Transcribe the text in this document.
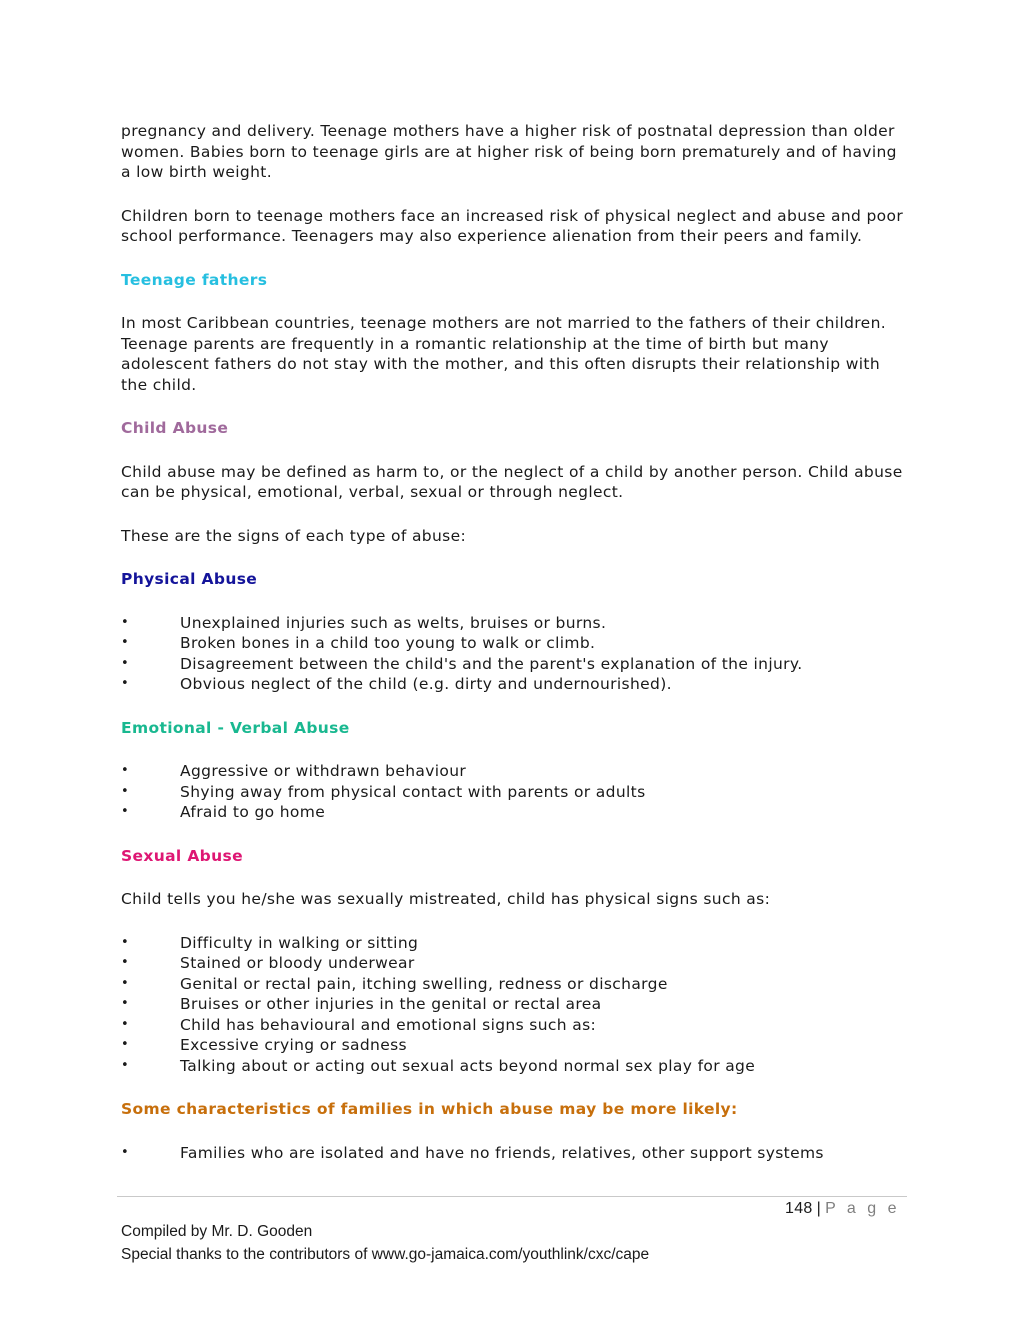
pregnancy and delivery. Teenage mothers have a higher risk of postnatal depression than older women. Babies born to teenage girls are at higher risk of being born prematurely and of having a low birth weight.

Children born to teenage mothers face an increased risk of physical neglect and abuse and poor school performance. Teenagers may also experience alienation from their peers and family.

Teenage fathers

In most Caribbean countries, teenage mothers are not married to the fathers of their children. Teenage parents are frequently in a romantic relationship at the time of birth but many adolescent fathers do not stay with the mother, and this often disrupts their relationship with the child.

Child Abuse

Child abuse may be defined as harm to, or the neglect of a child by another person. Child abuse can be physical, emotional, verbal, sexual or through neglect.

These are the signs of each type of abuse:

Physical Abuse
•	Unexplained injuries such as welts, bruises or burns.
•	Broken bones in a child too young to walk or climb.
•	Disagreement between the child's and the parent's explanation of the injury.
•	Obvious neglect of the child (e.g. dirty and undernourished).
Emotional - Verbal Abuse
•	Aggressive or withdrawn behaviour
•	Shying away from physical contact with parents or adults
•	Afraid to go home
Sexual Abuse

Child tells you he/she was sexually mistreated, child has physical signs such as:

•	Difficulty in walking or sitting
•	Stained or bloody underwear
•	Genital or rectal pain, itching swelling, redness or discharge
•	Bruises or other injuries in the genital or rectal area
•	Child has behavioural and emotional signs such as:
•	Excessive crying or sadness
•	Talking about or acting out sexual acts beyond normal sex play for age
Some characteristics of families in which abuse may be more likely:
•	Families who are isolated and have no friends, relatives, other support systems
148 | P a g e
Compiled by Mr. D. Gooden
Special thanks to the contributors of www.go-jamaica.com/youthlink/cxc/cape
